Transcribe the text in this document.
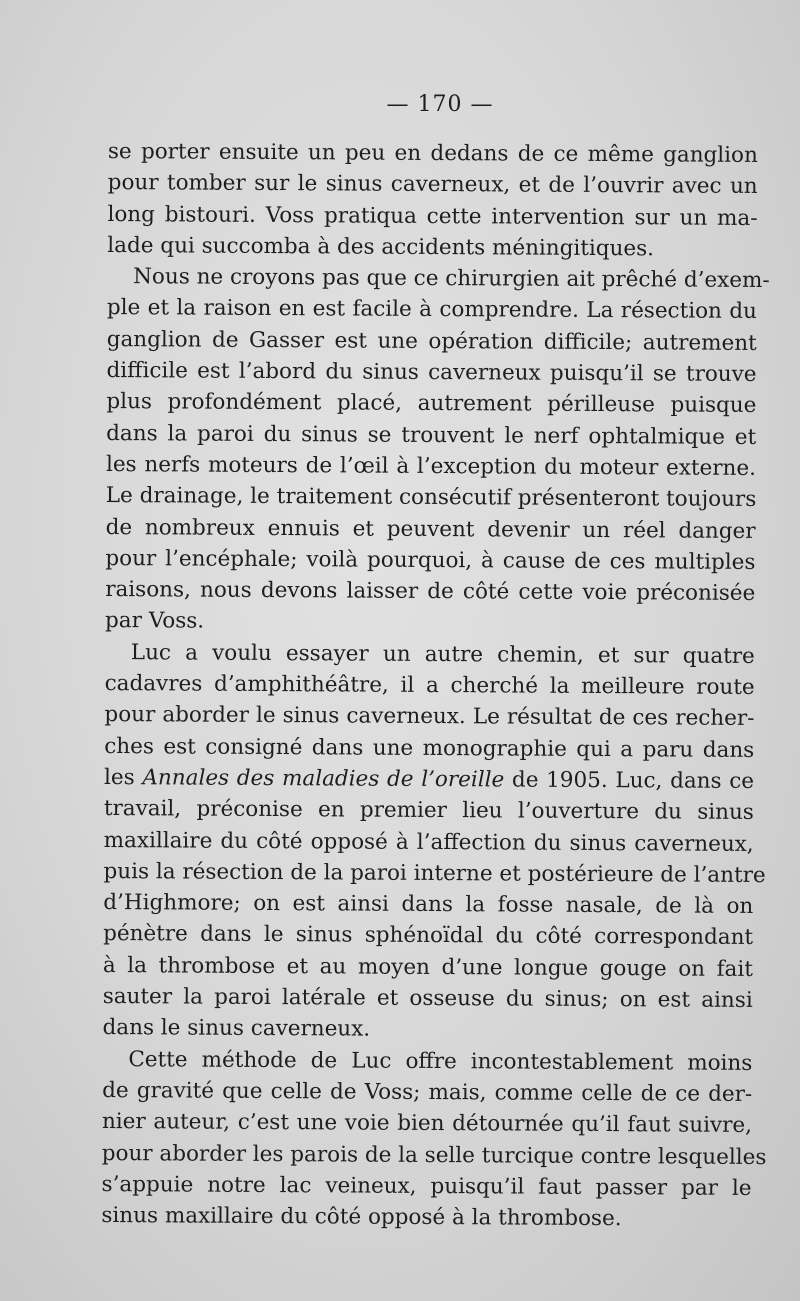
— 170 —
se porter ensuite un peu en dedans de ce même ganglion
pour tomber sur le sinus caverneux, et de l’ouvrir avec un
long bistouri. Voss pratiqua cette intervention sur un ma-
lade qui succomba à des accidents méningitiques.
Nous ne croyons pas que ce chirurgien ait prêché d’exem-
ple et la raison en est facile à comprendre. La résection du
ganglion de Gasser est une opération difficile; autrement
difficile est l’abord du sinus caverneux puisqu’il se trouve
plus profondément placé, autrement périlleuse puisque
dans la paroi du sinus se trouvent le nerf ophtalmique et
les nerfs moteurs de l’œil à l’exception du moteur externe.
Le drainage, le traitement consécutif présenteront toujours
de nombreux ennuis et peuvent devenir un réel danger
pour l’encéphale; voilà pourquoi, à cause de ces multiples
raisons, nous devons laisser de côté cette voie préconisée
par Voss.
Luc a voulu essayer un autre chemin, et sur quatre
cadavres d’amphithéâtre, il a cherché la meilleure route
pour aborder le sinus caverneux. Le résultat de ces recher-
ches est consigné dans une monographie qui a paru dans
les Annales des maladies de l’oreille de 1905. Luc, dans ce
travail, préconise en premier lieu l’ouverture du sinus
maxillaire du côté opposé à l’affection du sinus caverneux,
puis la résection de la paroi interne et postérieure de l’antre
d’Highmore; on est ainsi dans la fosse nasale, de là on
pénètre dans le sinus sphénoïdal du côté correspondant
à la thrombose et au moyen d’une longue gouge on fait
sauter la paroi latérale et osseuse du sinus; on est ainsi
dans le sinus caverneux.
Cette méthode de Luc offre incontestablement moins
de gravité que celle de Voss; mais, comme celle de ce der-
nier auteur, c’est une voie bien détournée qu’il faut suivre,
pour aborder les parois de la selle turcique contre lesquelles
s’appuie notre lac veineux, puisqu’il faut passer par le
sinus maxillaire du côté opposé à la thrombose.
